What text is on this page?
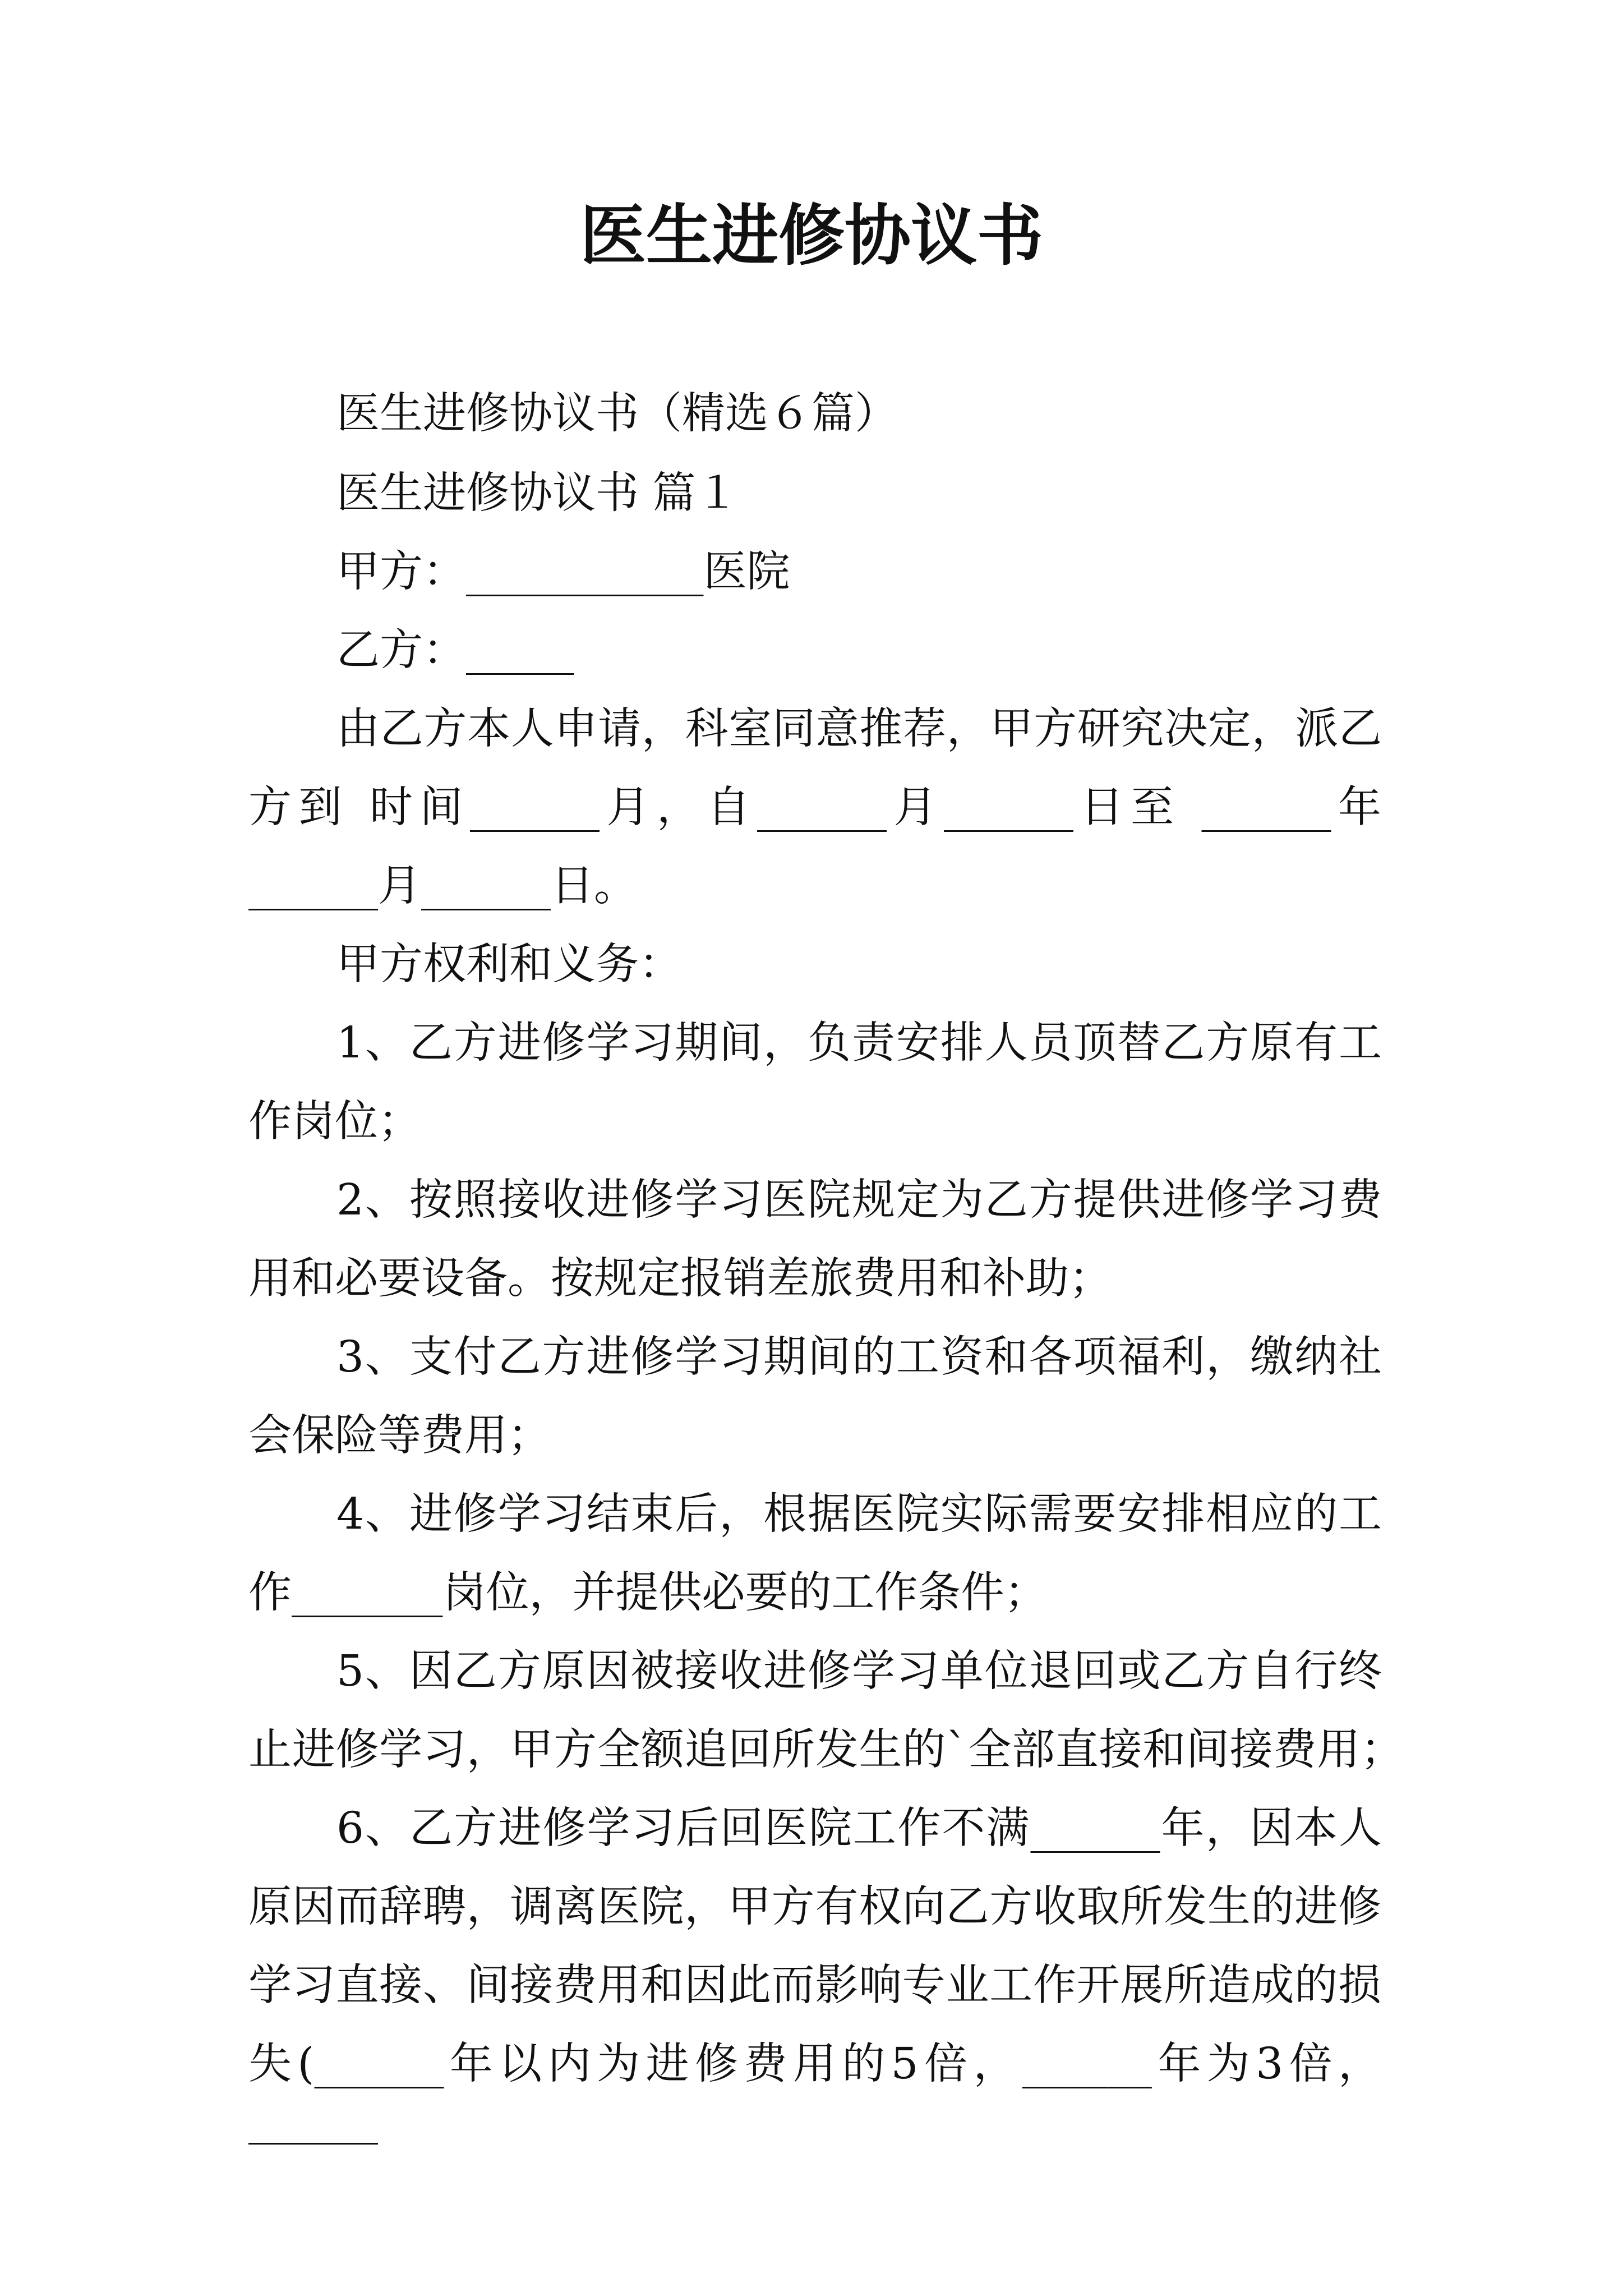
医生进修协议书

医生进修协议书（精选６篇）

医生进修协议书 篇１

甲方：___________医院

乙方：_____

由乙方本人申请，科室同意推荐，甲方研究决定，派乙

方到 时间______月，自______月______日至 ______年

______月______日。

甲方权利和义务：

1、乙方进修学习期间，负责安排人员顶替乙方原有工

作岗位；

2、按照接收进修学习医院规定为乙方提供进修学习费

用和必要设备。按规定报销差旅费用和补助；

3、支付乙方进修学习期间的工资和各项福利，缴纳社

会保险等费用；

4、进修学习结束后，根据医院实际需要安排相应的工

作_______岗位，并提供必要的工作条件；

5、因乙方原因被接收进修学习单位退回或乙方自行终

止进修学习，甲方全额追回所发生的`全部直接和间接费用；

6、乙方进修学习后回医院工作不满______年，因本人

原因而辞聘，调离医院，甲方有权向乙方收取所发生的进修

学习直接、间接费用和因此而影响专业工作开展所造成的损

失(______年以内为进修费用的5倍，______年为3倍，______
